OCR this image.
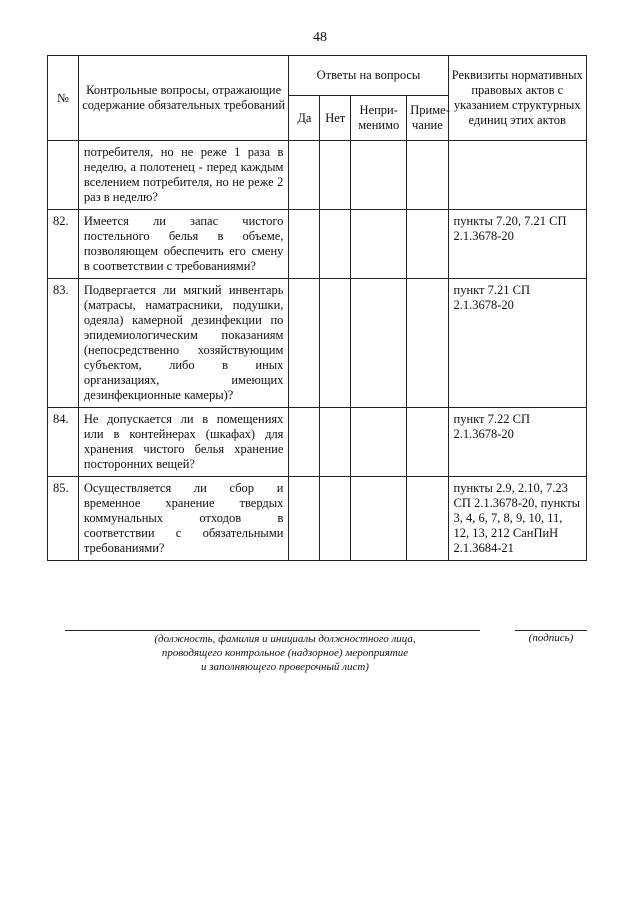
48
№	Контрольные вопросы, отражающие содержание обязательных требований	Ответы на вопросы				Реквизиты нормативных правовых актов с указанием структурных единиц этих актов
		Да	Нет	Непри-менимо	Приме-чание	
	потребителя, но не реже 1 раза в неделю, а полотенец - перед каждым вселением потребителя, но не реже 2 раз в неделю?					
82.	Имеется ли запас чистого постельного белья в объеме, позволяющем обеспечить его смену в соответствии с требованиями?					пункты 7.20, 7.21 СП 2.1.3678-20
83.	Подвергается ли мягкий инвентарь (матрасы, наматрасники, подушки, одеяла) камерной дезинфекции по эпидемиологическим показаниям (непосредственно хозяйствующим субъектом, либо в иных организациях, имеющих дезинфекционные камеры)?					пункт 7.21 СП 2.1.3678-20
84.	Не допускается ли в помещениях или в контейнерах (шкафах) для хранения чистого белья хранение посторонних вещей?					пункт 7.22 СП 2.1.3678-20
85.	Осуществляется ли сбор и временное хранение твердых коммунальных отходов в соответствии с обязательными требованиями?					пункты 2.9, 2.10, 7.23 СП 2.1.3678-20, пункты 3, 4, 6, 7, 8, 9, 10, 11, 12, 13, 212 СанПиН 2.1.3684-21
(должность, фамилия и инициалы должностного лица,
проводящего контрольное (надзорное) мероприятие
и заполняющего проверочный лист)
(подпись)
